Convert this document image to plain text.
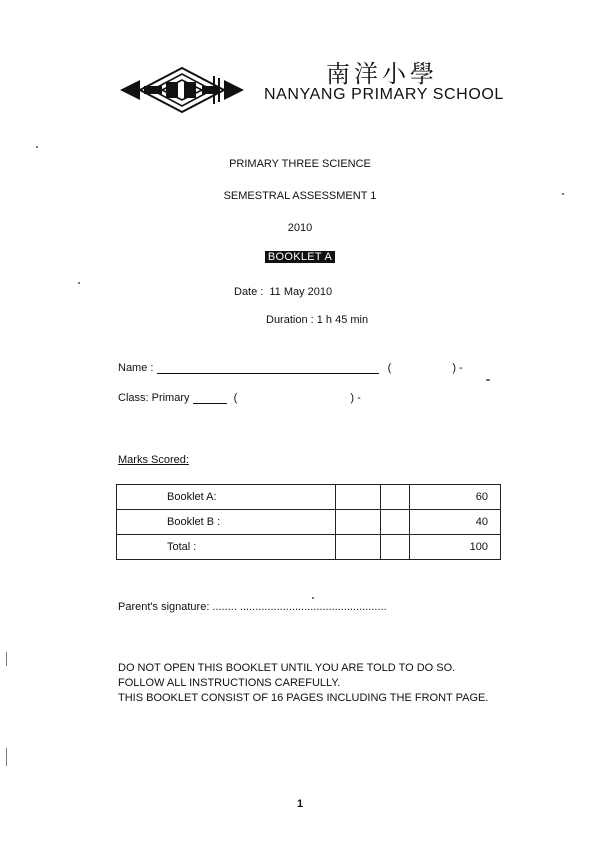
南洋小學
NANYANG PRIMARY SCHOOL
PRIMARY THREE SCIENCE
SEMESTRAL ASSESSMENT 1
2010
BOOKLET A
Date : 11 May 2010
Duration : 1 h 45 min
Name :	(	) -
Class: Primary	(	) -
Marks Scored:
Booklet A:			60
Booklet B :			40
Total :			100
Parent's signature: ........ ................................................
DO NOT OPEN THIS BOOKLET UNTIL YOU ARE TOLD TO DO SO.
FOLLOW ALL INSTRUCTIONS CAREFULLY.
THIS BOOKLET CONSIST OF 16 PAGES INCLUDING THE FRONT PAGE.
1
